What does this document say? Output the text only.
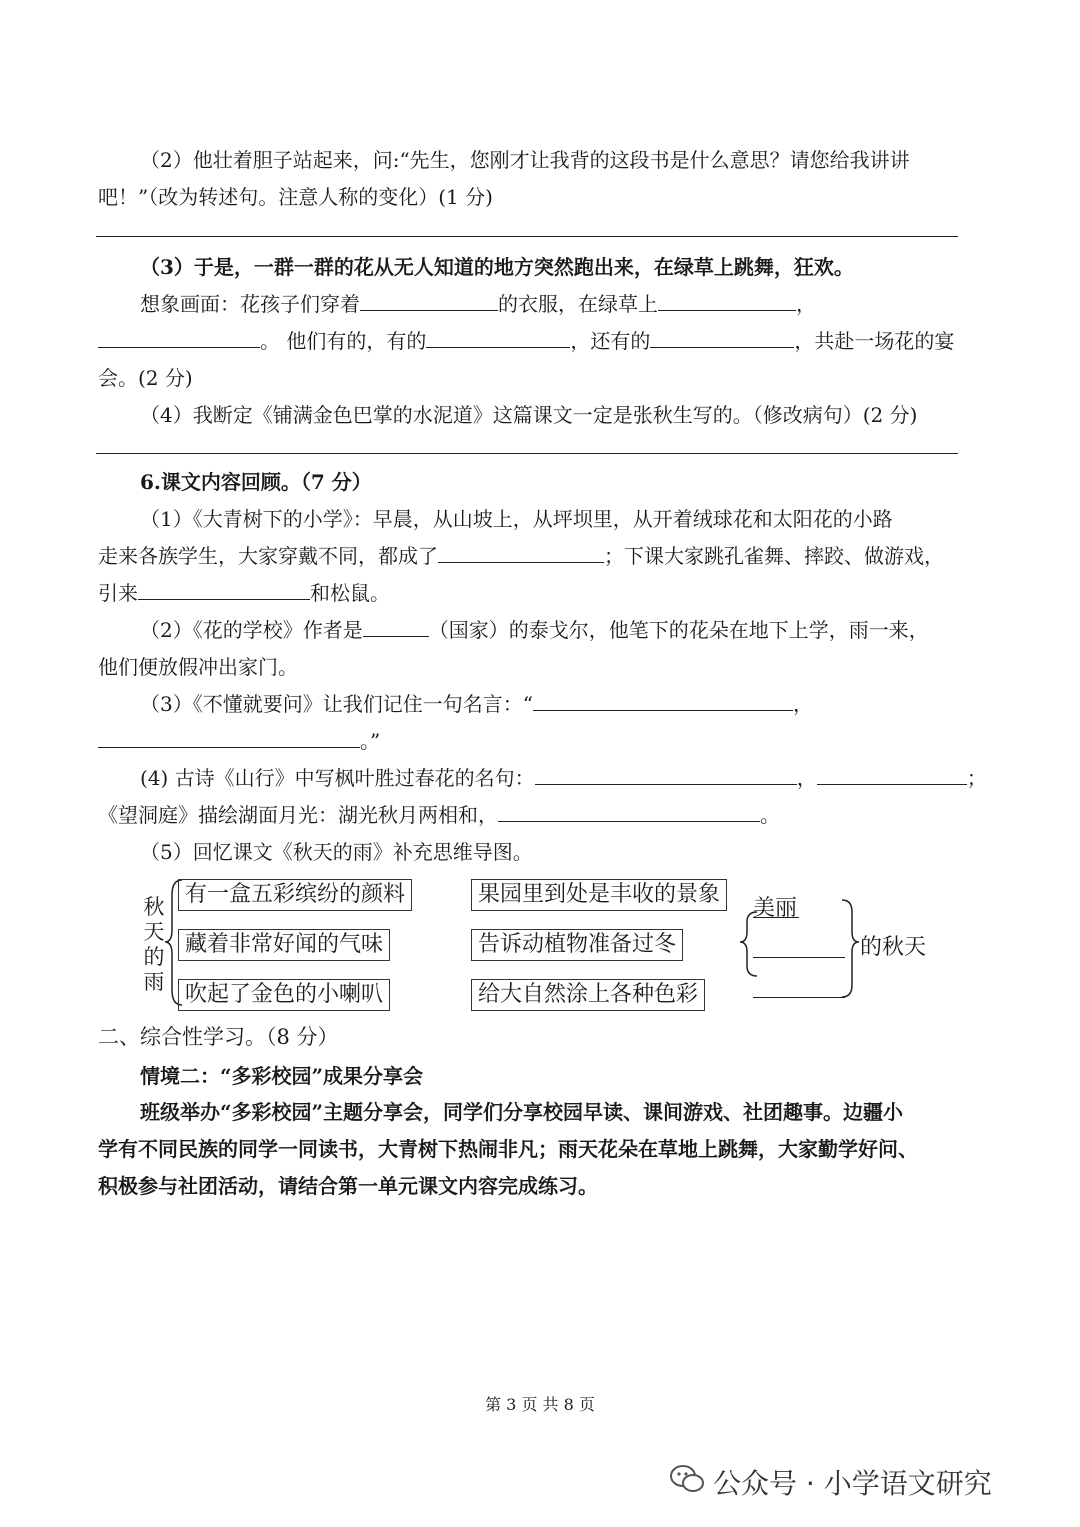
（2）他壮着胆子站起来，问:“先生，您刚才让我背的这段书是什么意思？请您给我讲讲
吧！”（改为转述句。注意人称的变化）(1 分)
（3）于是，一群一群的花从无人知道的地方突然跑出来，在绿草上跳舞，狂欢。
想象画面：花孩子们穿着	的衣服，在绿草上	，
。 他们有的，有的	，还有的	，共赴一场花的宴
会。(2 分)
（4）我断定《铺满金色巴掌的水泥道》这篇课文一定是张秋生写的。（修改病句）(2 分)
6.课文内容回顾。（7 分）
（1）《大青树下的小学》：早晨，从山坡上，从坪坝里，从开着绒球花和太阳花的小路
走来各族学生，大家穿戴不同，都成了	；下课大家跳孔雀舞、摔跤、做游戏，
引来	和松鼠。
（2）《花的学校》作者是	（国家）的泰戈尔，他笔下的花朵在地下上学，雨一来，
他们便放假冲出家门。
（3）《不懂就要问》让我们记住一句名言：“	，
。”
(4) 古诗《山行》中写枫叶胜过春花的名句：	，	；
《望洞庭》描绘湖面月光：湖光秋月两相和，	。
（5）回忆课文《秋天的雨》补充思维导图。
秋
天
的
雨
有一盒五彩缤纷的颜料
藏着非常好闻的气味
吹起了金色的小喇叭
果园里到处是丰收的景象
告诉动植物准备过冬
给大自然涂上各种色彩
美丽
的秋天
二、综合性学习。（8 分）
情境二：“多彩校园”成果分享会
班级举办“多彩校园”主题分享会，同学们分享校园早读、课间游戏、社团趣事。边疆小
学有不同民族的同学一同读书，大青树下热闹非凡；雨天花朵在草地上跳舞，大家勤学好问、
积极参与社团活动，请结合第一单元课文内容完成练习。
第 3 页 共 8 页
公众号 · 小学语文研究
